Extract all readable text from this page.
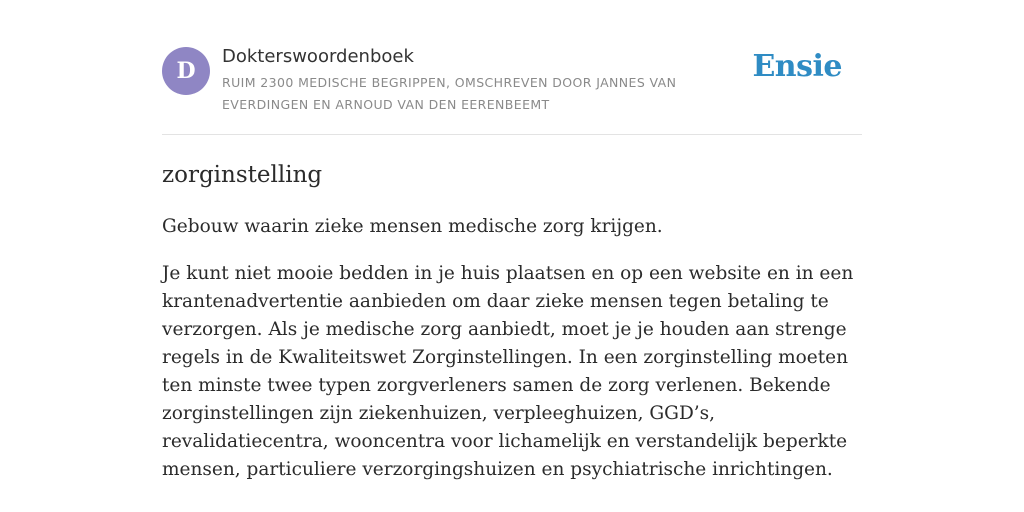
D
Dokterswoordenboek
RUIM 2300 MEDISCHE BEGRIPPEN, OMSCHREVEN DOOR JANNES VAN EVERDINGEN EN ARNOUD VAN DEN EERENBEEMT
Ensie
zorginstelling

Gebouw waarin zieke mensen medische zorg krijgen.

Je kunt niet mooie bedden in je huis plaatsen en op een website en in een krantenadvertentie aanbieden om daar zieke mensen tegen betaling te verzorgen. Als je medische zorg aanbiedt, moet je je houden aan strenge regels in de Kwaliteitswet Zorginstellingen. In een zorginstelling moeten ten minste twee typen zorgverleners samen de zorg verlenen. Bekende zorginstellingen zijn ziekenhuizen, verpleeghuizen, GGD’s, revalidatiecentra, wooncentra voor lichamelijk en verstandelijk beperkte mensen, particuliere verzorgingshuizen en psychiatrische inrichtingen.
